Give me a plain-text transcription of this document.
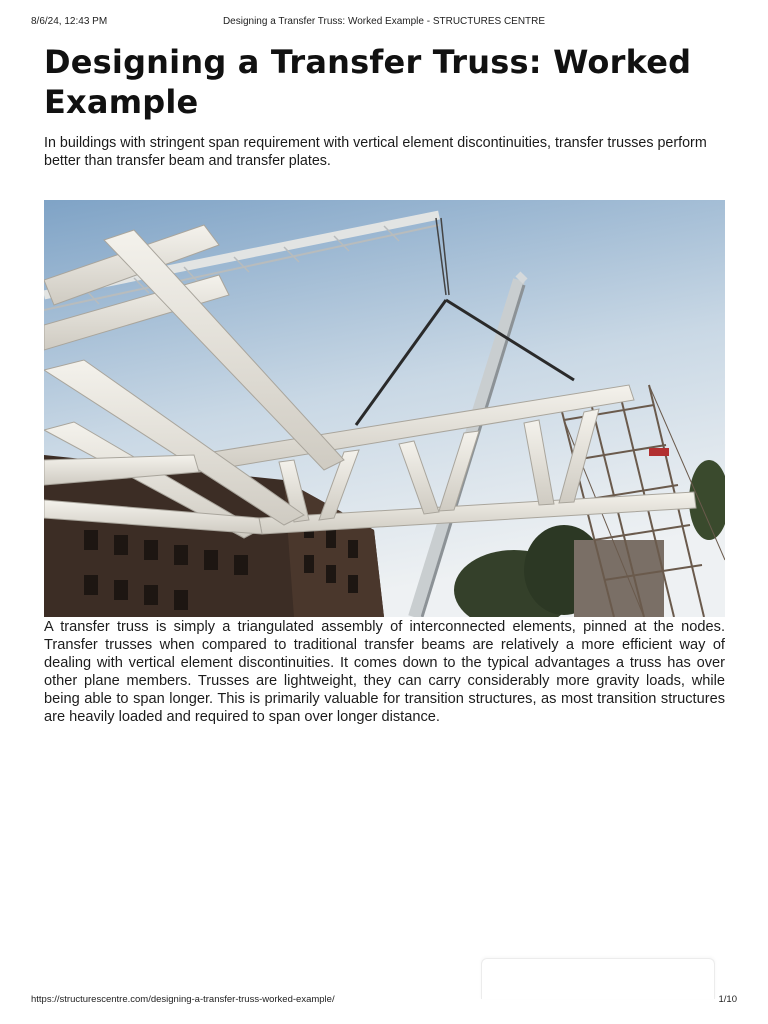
8/6/24, 12:43 PM	Designing a Transfer Truss: Worked Example - STRUCTURES CENTRE
Designing a Transfer Truss: Worked Example

In buildings with stringent span requirement with vertical element discontinuities, transfer trusses perform better than transfer beam and transfer plates.

A transfer truss is simply a triangulated assembly of interconnected elements, pinned at the nodes. Transfer trusses when compared to traditional transfer beams are relatively a more efficient way of dealing with vertical element discontinuities. It comes down to the typical advantages a truss has over other plane members. Trusses are lightweight, they can carry considerably more gravity loads, while being able to span longer. This is primarily valuable for transition structures, as most transition structures are heavily loaded and required to span over longer distance.

https://structurescentre.com/designing-a-transfer-truss-worked-example/	1/10
